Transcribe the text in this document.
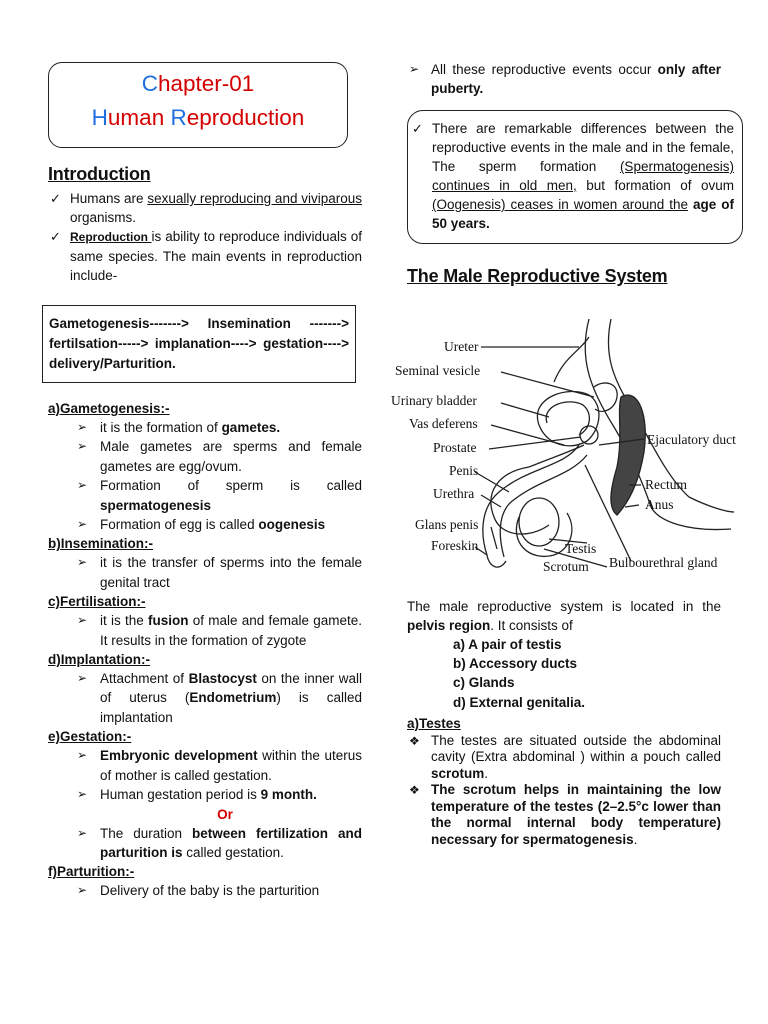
Chapter-01
Human Reproduction
Introduction
✓ Humans are sexually reproducing and viviparous organisms.
✓ Reproduction is ability to reproduce individuals of same species. The main events in reproduction include-
Gametogenesis-------> Insemination -------> fertilsation-----> implanation----> gestation----> delivery/Parturition.
a)Gametogenesis:-
➢ it is the formation of gametes.
➢ Male gametes are sperms and female gametes are egg/ovum.
➢ Formation of sperm is called spermatogenesis
➢ Formation of egg is called oogenesis
b)Insemination:-
➢ it is the transfer of sperms into the female genital tract
c)Fertilisation:-
➢ it is the fusion of male and female gamete. It results in the formation of zygote
d)Implantation:-
➢ Attachment of Blastocyst on the inner wall of uterus (Endometrium) is called implantation
e)Gestation:-
➢ Embryonic development within the uterus of mother is called gestation.
➢ Human gestation period is 9 month.
Or
➢ The duration between fertilization and parturition is called gestation.
f)Parturition:-
➢ Delivery of the baby is the parturition
➢ All these reproductive events occur only after puberty.
✓ There are remarkable differences between the reproductive events in the male and in the female, The sperm formation (Spermatogenesis) continues in old men, but formation of ovum (Oogenesis) ceases in women around the age of 50 years.
The Male Reproductive System
Ureter
Seminal vesicle
Urinary bladder
Vas deferens
Prostate
Penis
Urethra
Glans penis
Foreskin	Testis
Scrotum Bulbourethral gland
Ejaculatory duct
Rectum
Anus
The male reproductive system is located in the pelvis region. It consists of
a) A pair of testis
b) Accessory ducts
c) Glands
d) External genitalia.
a)Testes
❖ The testes are situated outside the abdominal cavity (Extra abdominal ) within a pouch called scrotum.
❖ The scrotum helps in maintaining the low temperature of the testes (2–2.5°c lower than the normal internal body temperature) necessary for spermatogenesis.
